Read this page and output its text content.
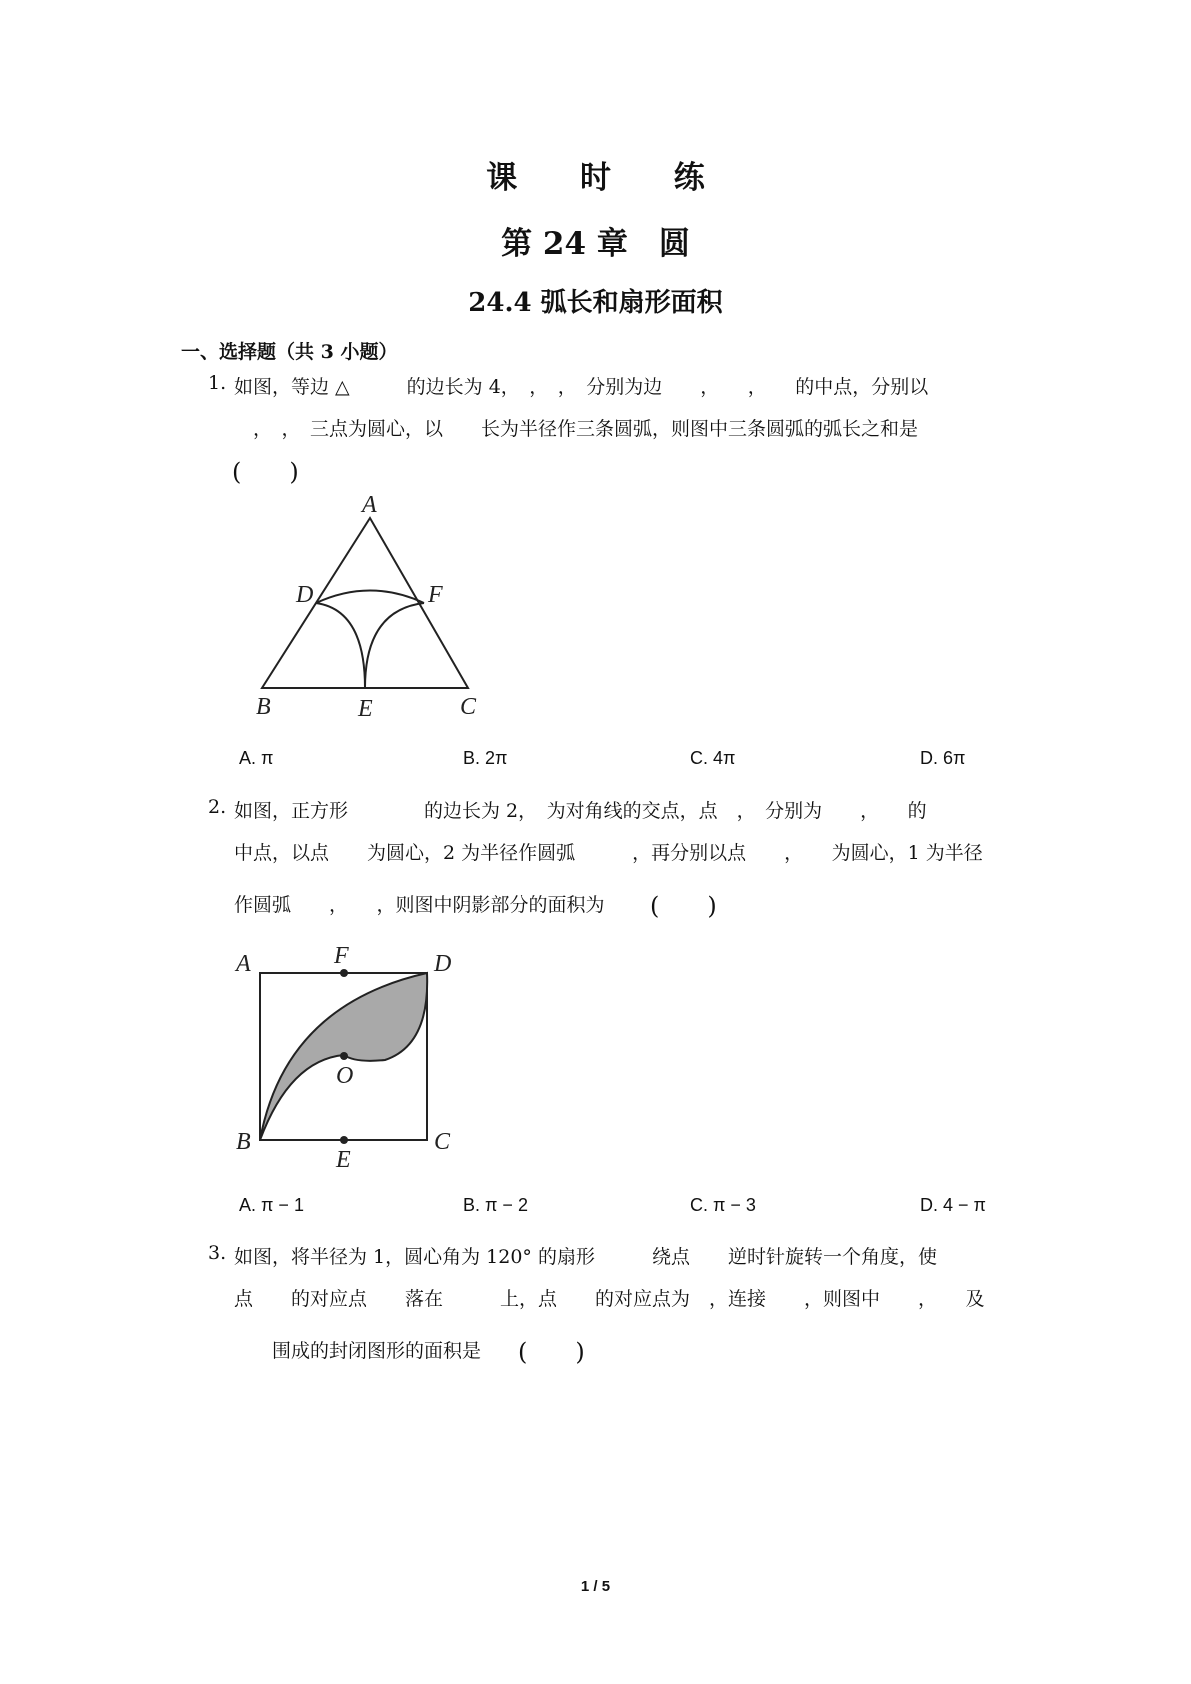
课 时 练
第 24 章　圆
24.4 弧长和扇形面积
一、选择题（共 3 小题）
1. 如图，等边 △　　　的边长为 4，　，　，　分别为边　　，　　，　　的中点，分别以
　，　，　三点为圆心，以　　长为半径作三条圆弧，则图中三条圆弧的弧长之和是
(　　)
A
D	F
B	E	C
A. π	B. 2π	C. 4π	D. 6π
2. 如图，正方形　　　　的边长为 2，　为对角线的交点，点　，　分别为　　，　　的
中点，以点　　为圆心，2 为半径作圆弧　　　，再分别以点　　，　　为圆心，1 为半径
作圆弧　　，　　，则图中阴影部分的面积为 (　　)
A	F	D
O
B
E
C
A. π − 1	B. π − 2	C. π − 3	D. 4 − π
3. 如图，将半径为 1，圆心角为 120° 的扇形　　　绕点　　逆时针旋转一个角度，使
点　　的对应点　　落在　　　上，点　　的对应点为　，连接　　，则图中　　，　　及
围成的封闭图形的面积是 (　　)
1 / 5
